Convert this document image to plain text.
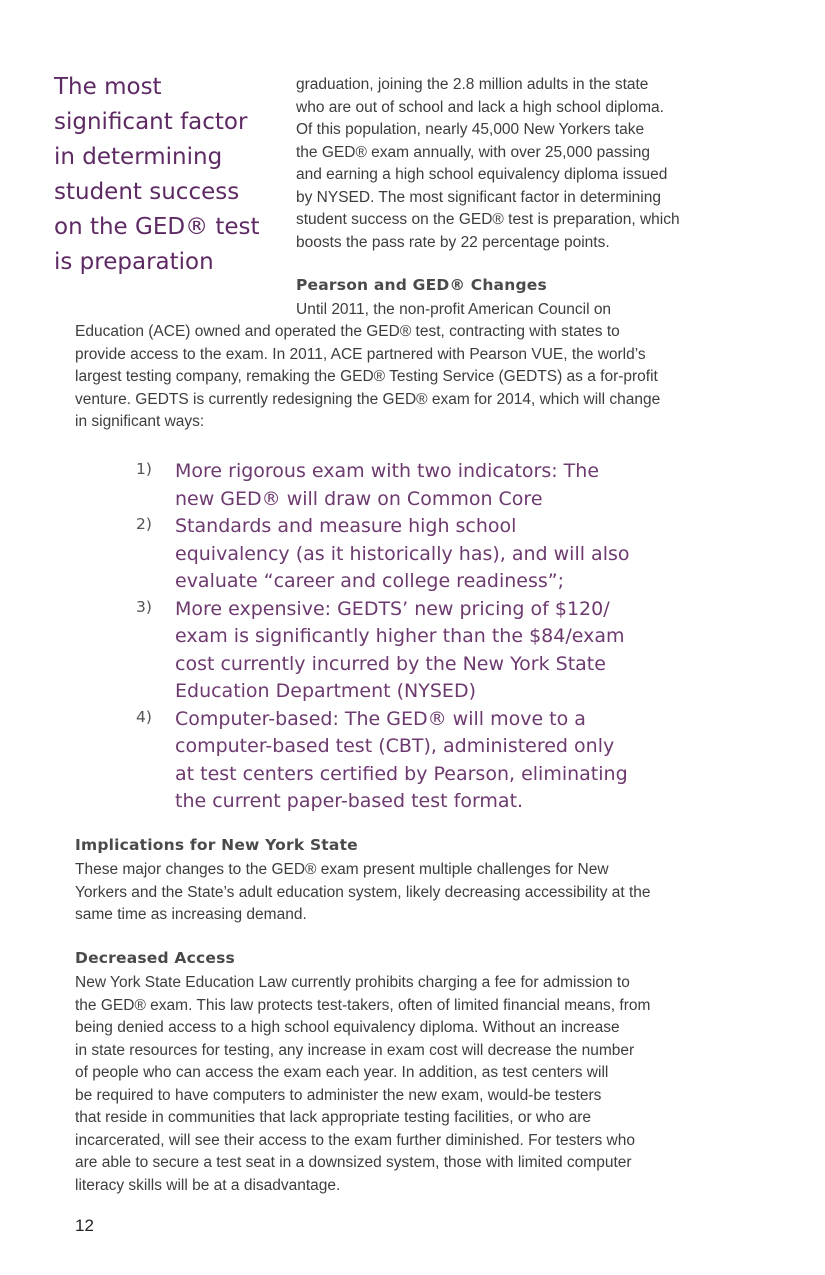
The most
significant factor
in determining
student success
on the GED® test
is preparation

graduation, joining the 2.8 million adults in the state
who are out of school and lack a high school diploma.
Of this population, nearly 45,000 New Yorkers take
the GED® exam annually, with over 25,000 passing
and earning a high school equivalency diploma issued
by NYSED. The most significant factor in determining
student success on the GED® test is preparation, which
boosts the pass rate by 22 percentage points.

Pearson and GED® Changes

Until 2011, the non-profit American Council on

Education (ACE) owned and operated the GED® test, contracting with states to
provide access to the exam. In 2011, ACE partnered with Pearson VUE, the world’s
largest testing company, remaking the GED® Testing Service (GEDTS) as a for-profit
venture. GEDTS is currently redesigning the GED® exam for 2014, which will change
in significant ways:

1) More rigorous exam with two indicators: The
new GED® will draw on Common Core
2) Standards and measure high school
equivalency (as it historically has), and will also
evaluate “career and college readiness”;
3) More expensive: GEDTS’ new pricing of $120/
exam is significantly higher than the $84/exam
cost currently incurred by the New York State
Education Department (NYSED)
4) Computer-based: The GED® will move to a
computer-based test (CBT), administered only
at test centers certified by Pearson, eliminating
the current paper-based test format.
Implications for New York State

These major changes to the GED® exam present multiple challenges for New
Yorkers and the State’s adult education system, likely decreasing accessibility at the
same time as increasing demand.

Decreased Access

New York State Education Law currently prohibits charging a fee for admission to
the GED® exam. This law protects test-takers, often of limited financial means, from
being denied access to a high school equivalency diploma. Without an increase
in state resources for testing, any increase in exam cost will decrease the number
of people who can access the exam each year. In addition, as test centers will
be required to have computers to administer the new exam, would-be testers
that reside in communities that lack appropriate testing facilities, or who are
incarcerated, will see their access to the exam further diminished. For testers who
are able to secure a test seat in a downsized system, those with limited computer
literacy skills will be at a disadvantage.

12
